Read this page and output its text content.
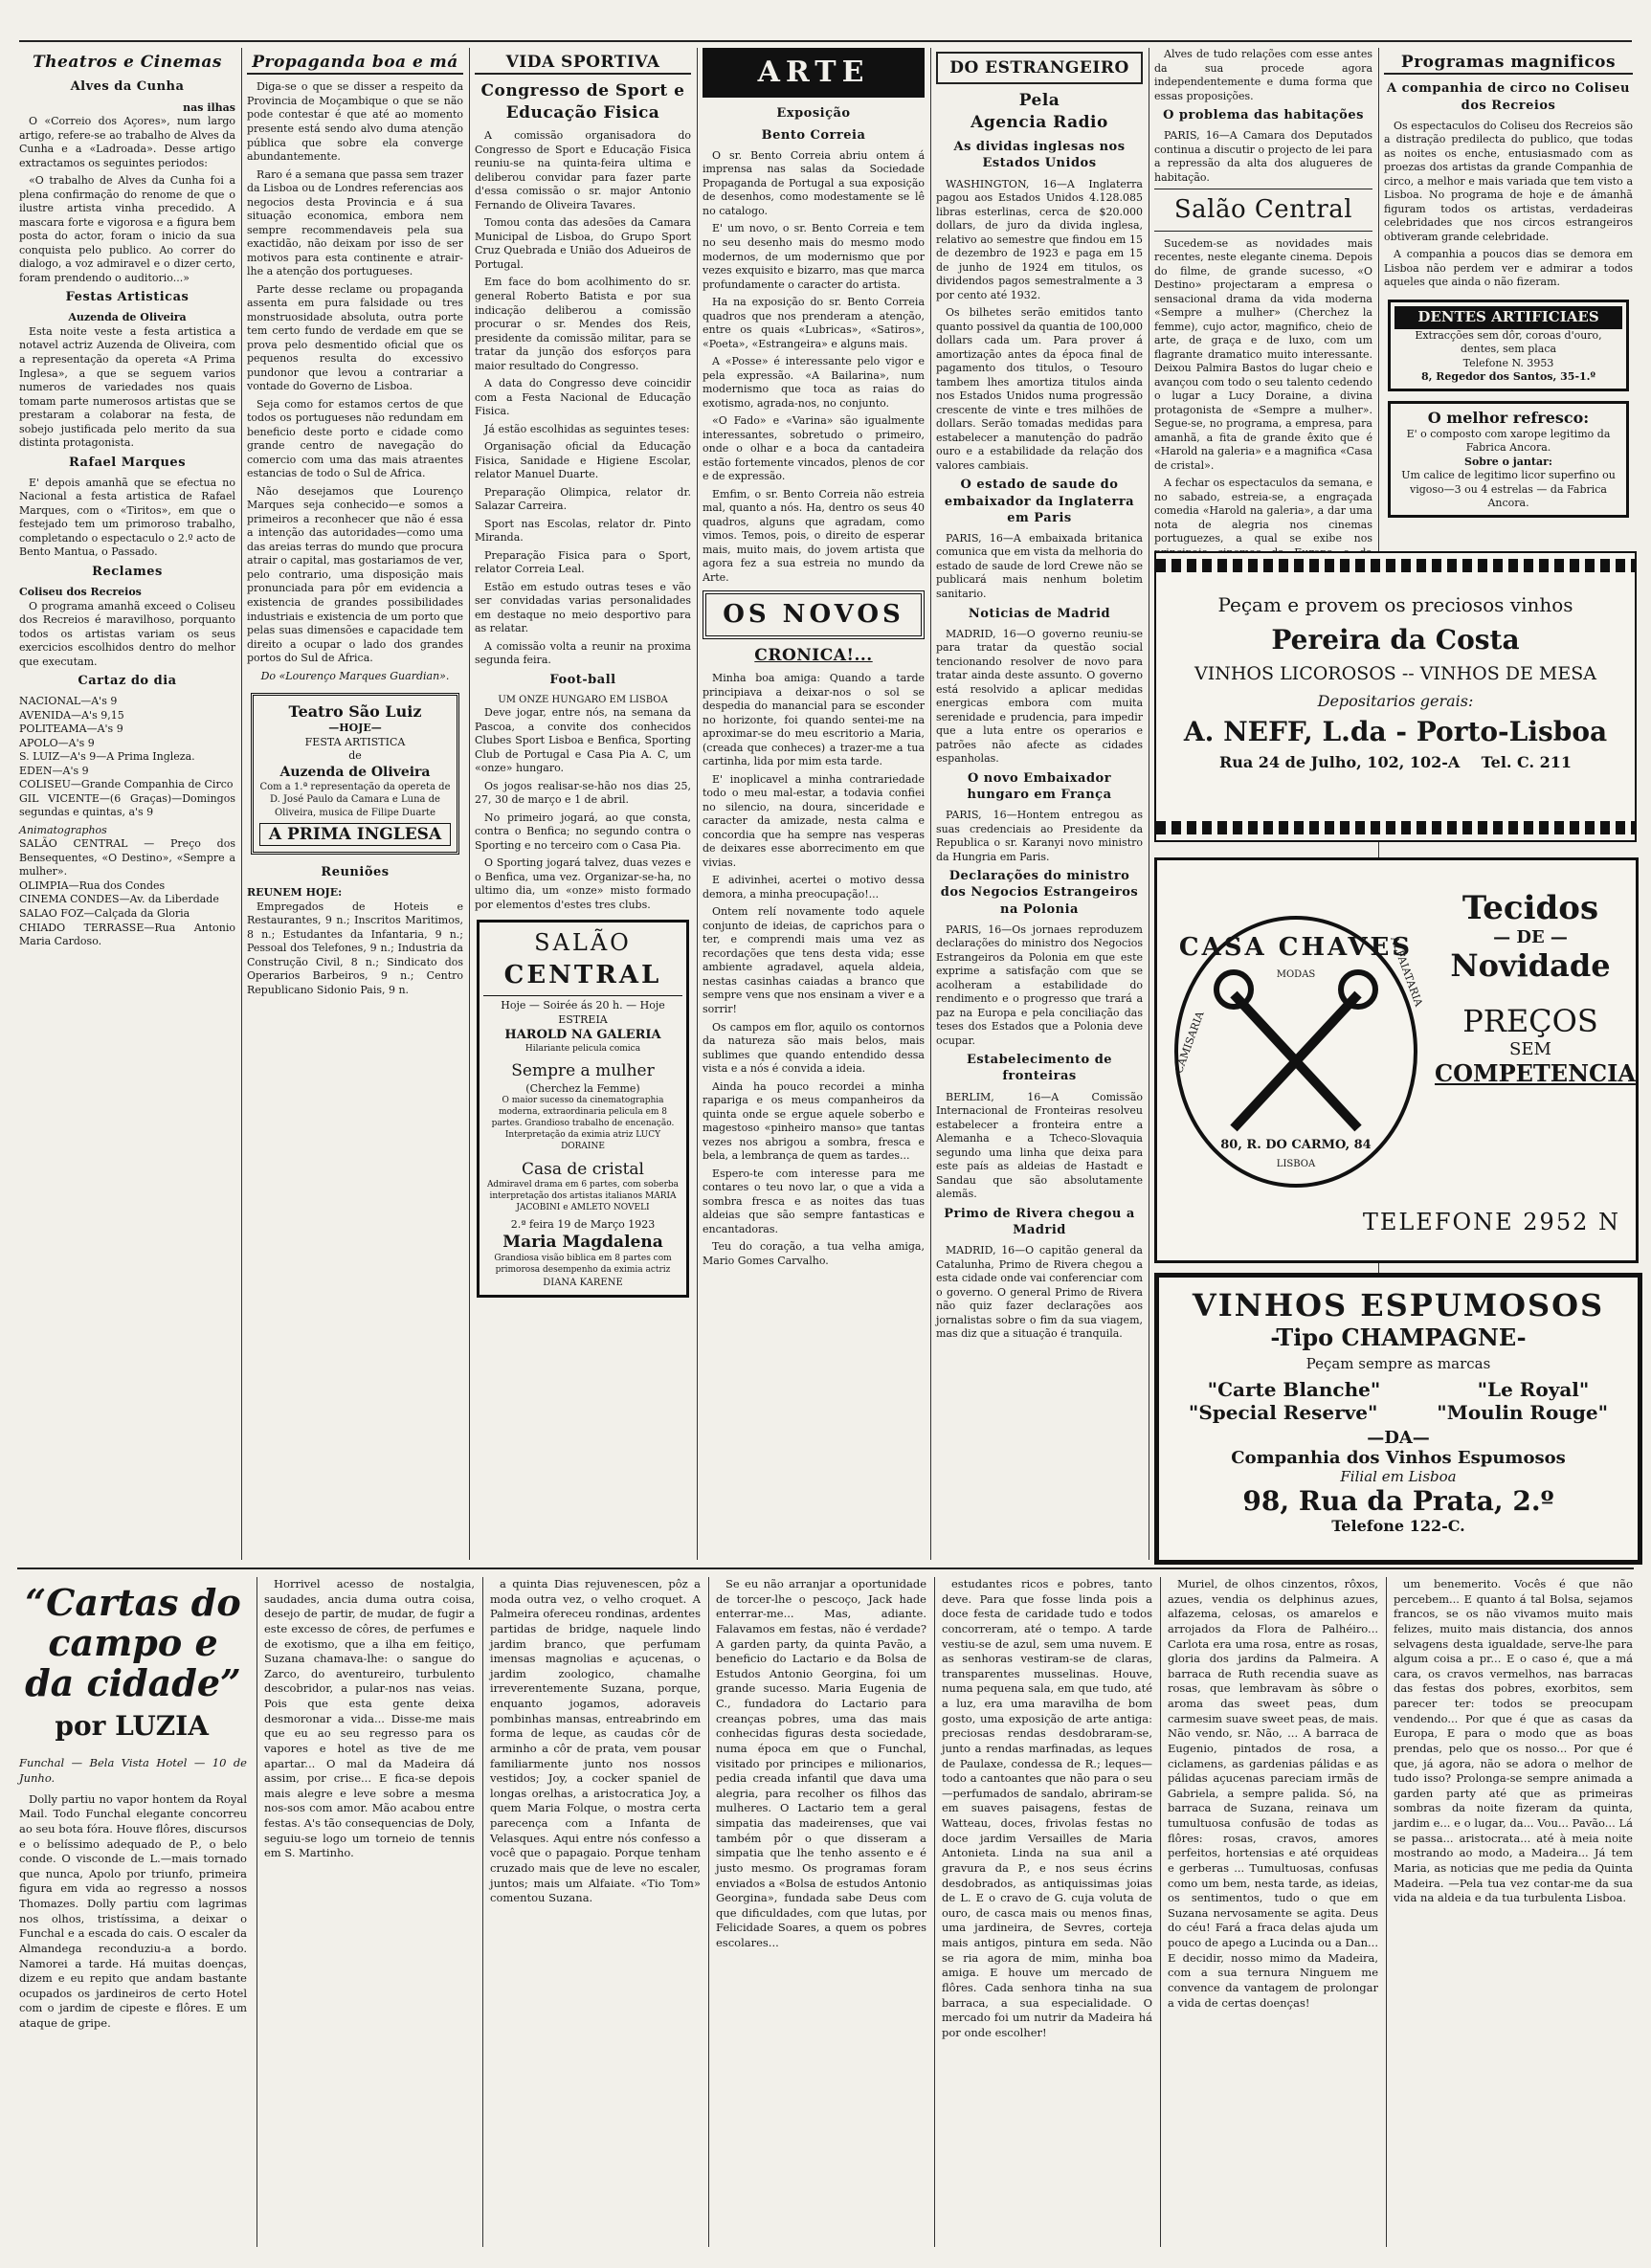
Theatros e Cinemas
Alves da Cunha
nas ilhas

O «Correio dos Açores», num largo artigo, refere-se ao trabalho de Alves da Cunha e a «Ladroada». Desse artigo extractamos os seguintes periodos:

«O trabalho de Alves da Cunha foi a plena confirmação do renome de que o ilustre artista vinha precedido. A mascara forte e vigorosa e a figura bem posta do actor, foram o inicio da sua conquista pelo publico. Ao correr do dialogo, a voz admiravel e o dizer certo, foram prendendo o auditorio...»

Festas Artisticas
Auzenda de Oliveira

Esta noite veste a festa artistica a notavel actriz Auzenda de Oliveira, com a representação da opereta «A Prima Inglesa», a que se seguem varios numeros de variedades nos quais tomam parte numerosos artistas que se prestaram a colaborar na festa, de sobejo justificada pelo merito da sua distinta protagonista.

Rafael Marques

E' depois amanhã que se efectua no Nacional a festa artistica de Rafael Marques, com o «Tiritos», em que o festejado tem um primoroso trabalho, completando o espectaculo o 2.º acto de Bento Mantua, o Passado.

Reclames
Coliseu dos Recreios

O programa amanhã exceed o Coliseu dos Recreios é maravilhoso, porquanto todos os artistas variam os seus exercicios escolhidos dentro do melhor que executam.

Cartaz do dia
NACIONAL—A's 9
AVENIDA—A's 9,15
POLITEAMA—A's 9
APOLO—A's 9
S. LUIZ—A's 9—A Prima Ingleza.
EDEN—A's 9
COLISEU—Grande Companhia de Circo
GIL VICENTE—(6 Graças)—Domingos segundas e quintas, a's 9
Animatographos
SALÃO CENTRAL — Preço dos Bensequentes, «O Destino», «Sempre a mulher».
OLIMPIA—Rua dos Condes
CINEMA CONDES—Av. da Liberdade
SALAO FOZ—Calçada da Gloria
CHIADO TERRASSE—Rua Antonio Maria Cardoso.
Propaganda boa e má

Diga-se o que se disser a respeito da Provincia de Moçambique o que se não pode contestar é que até ao momento presente está sendo alvo duma atenção pública que sobre ela converge abundantemente.

Raro é a semana que passa sem trazer da Lisboa ou de Londres referencias aos negocios desta Provincia e á sua situação economica, embora nem sempre recommendaveis pela sua exactidão, não deixam por isso de ser motivos para esta continente e atrair-lhe a atenção dos portugueses.

Parte desse reclame ou propaganda assenta em pura falsidade ou tres monstruosidade absoluta, outra porte tem certo fundo de verdade em que se prova pelo desmentido oficial que os pequenos resulta do excessivo pundonor que levou a contrariar a vontade do Governo de Lisboa.

Seja como for estamos certos de que todos os portugueses não redundam em beneficio deste porto e cidade como grande centro de navegação do comercio com uma das mais atraentes estancias de todo o Sul de Africa.

Não desejamos que Lourenço Marques seja conhecido—e somos a primeiros a reconhecer que não é essa a intenção das autoridades—como uma das areias terras do mundo que procura atrair o capital, mas gostariamos de ver, pelo contrario, uma disposição mais pronunciada para pôr em evidencia a existencia de grandes possibilidades industriais e existencia de um porto que pelas suas dimensões e capacidade tem direito a ocupar o lado dos grandes portos do Sul de Africa.

Do «Lourenço Marques Guardian».
Teatro São Luiz
—HOJE—
FESTA ARTISTICA
de
Auzenda de Oliveira
Com a 1.ª representação da opereta de D. José Paulo da Camara e Luna de Oliveira, musica de Filipe Duarte
A PRIMA INGLESA
Reuniões
REUNEM HOJE:

Empregados de Hoteis e Restaurantes, 9 n.; Inscritos Maritimos, 8 n.; Estudantes da Infantaria, 9 n.; Pessoal dos Telefones, 9 n.; Industria da Construção Civil, 8 n.; Sindicato dos Operarios Barbeiros, 9 n.; Centro Republicano Sidonio Pais, 9 n.

VIDA SPORTIVA
Congresso de Sport e Educação Fisica

A comissão organisadora do Congresso de Sport e Educação Fisica reuniu-se na quinta-feira ultima e deliberou convidar para fazer parte d'essa comissão o sr. major Antonio Fernando de Oliveira Tavares.

Tomou conta das adesões da Camara Municipal de Lisboa, do Grupo Sport Cruz Quebrada e União dos Adueiros de Portugal.

Em face do bom acolhimento do sr. general Roberto Batista e por sua indicação deliberou a comissão procurar o sr. Mendes dos Reis, presidente da comissão militar, para se tratar da junção dos esforços para maior resultado do Congresso.

A data do Congresso deve coincidir com a Festa Nacional de Educação Fisica.

Já estão escolhidas as seguintes teses:

Organisação oficial da Educação Fisica, Sanidade e Higiene Escolar, relator Manuel Duarte.

Preparação Olimpica, relator dr. Salazar Carreira.

Sport nas Escolas, relator dr. Pinto Miranda.

Preparação Fisica para o Sport, relator Correia Leal.

Estão em estudo outras teses e vão ser convidadas varias personalidades em destaque no meio desportivo para as relatar.

A comissão volta a reunir na proxima segunda feira.

Foot-ball
UM ONZE HUNGARO EM LISBOA

Deve jogar, entre nós, na semana da Pascoa, a convite dos conhecidos Clubes Sport Lisboa e Benfica, Sporting Club de Portugal e Casa Pia A. C, um «onze» hungaro.

Os jogos realisar-se-hão nos dias 25, 27, 30 de março e 1 de abril.

No primeiro jogará, ao que consta, contra o Benfica; no segundo contra o Sporting e no terceiro com o Casa Pia.

O Sporting jogará talvez, duas vezes e o Benfica, uma vez. Organizar-se-ha, no ultimo dia, um «onze» misto formado por elementos d'estes tres clubs.

SALÃO
CENTRAL
Hoje — Soirée ás 20 h. — Hoje
ESTREIA
HAROLD NA GALERIA
Hilariante pelicula comica
Sempre a mulher
(Cherchez la Femme)
O maior sucesso da cinematographia moderna, extraordinaria pelicula em 8 partes. Grandioso trabalho de encenação. Interpretação da eximia atriz LUCY DORAINE
Casa de cristal
Admiravel drama em 6 partes, com soberba interpretação dos artistas italianos MARIA JACOBINI e AMLETO NOVELI
2.ª feira 19 de Março 1923
Maria Magdalena
Grandiosa visão biblica em 8 partes com primorosa desempenho da eximia actriz
DIANA KARENE
ARTE
Exposição
Bento Correia

O sr. Bento Correia abriu ontem á imprensa nas salas da Sociedade Propaganda de Portugal a sua exposição de desenhos, como modestamente se lê no catalogo.

E' um novo, o sr. Bento Correia e tem no seu desenho mais do mesmo modo modernos, de um modernismo que por vezes exquisito e bizarro, mas que marca profundamente o caracter do artista.

Ha na exposição do sr. Bento Correia quadros que nos prenderam a atenção, entre os quais «Lubricas», «Satiros», «Poeta», «Estrangeira» e alguns mais.

A «Posse» é interessante pelo vigor e pela expressão. «A Bailarina», num modernismo que toca as raias do exotismo, agrada-nos, no conjunto.

«O Fado» e «Varina» são igualmente interessantes, sobretudo o primeiro, onde o olhar e a boca da cantadeira estão fortemente vincados, plenos de cor e de expressão.

Emfim, o sr. Bento Correia não estreia mal, quanto a nós. Ha, dentro os seus 40 quadros, alguns que agradam, como vimos. Temos, pois, o direito de esperar mais, muito mais, do jovem artista que agora fez a sua estreia no mundo da Arte.

OS NOVOS
CRONICA!...

Minha boa amiga: Quando a tarde principiava a deixar-nos o sol se despedia do manancial para se esconder no horizonte, foi quando sentei-me na aproximar-se do meu escritorio a Maria, (creada que conheces) a trazer-me a tua cartinha, lida por mim esta tarde.

E' inoplicavel a minha contrariedade todo o meu mal-estar, a todavia confiei no silencio, na doura, sinceridade e caracter da amizade, nesta calma e concordia que ha sempre nas vesperas de deixares esse aborrecimento em que vivias.

E adivinhei, acertei o motivo dessa demora, a minha preocupação!...

Ontem relí novamente todo aquele conjunto de ideias, de caprichos para o ter, e comprendi mais uma vez as recordações que tens desta vida; esse ambiente agradavel, aquela aldeia, nestas casinhas caiadas a branco que sempre vens que nos ensinam a viver e a sorrir!

Os campos em flor, aquilo os contornos da natureza são mais belos, mais sublimes que quando entendido dessa vista e a nós é convida a ideia.

Ainda ha pouco recordei a minha rapariga e os meus companheiros da quinta onde se ergue aquele soberbo e magestoso «pinheiro manso» que tantas vezes nos abrigou a sombra, fresca e bela, a lembrança de quem as tardes...

Espero-te com interesse para me contares o teu novo lar, o que a vida a sombra fresca e as noites das tuas aldeias que são sempre fantasticas e encantadoras.

Teu do coração, a tua velha amiga, Mario Gomes Carvalho.

DO ESTRANGEIRO
Pela
Agencia Radio
As dividas inglesas nos Estados Unidos

WASHINGTON, 16—A Inglaterra pagou aos Estados Unidos 4.128.085 libras esterlinas, cerca de $20.000 dollars, de juro da divida inglesa, relativo ao semestre que findou em 15 de dezembro de 1923 e paga em 15 de junho de 1924 em titulos, os dividendos pagos semestralmente a 3 por cento até 1932.

Os bilhetes serão emitidos tanto quanto possivel da quantia de 100,000 dollars cada um. Para prover á amortização antes da época final de pagamento dos titulos, o Tesouro tambem lhes amortiza titulos ainda nos Estados Unidos numa progressão crescente de vinte e tres milhões de dollars. Serão tomadas medidas para estabelecer a manutenção do padrão ouro e a estabilidade da relação dos valores cambiais.

O estado de saude do embaixador da Inglaterra em Paris

PARIS, 16—A embaixada britanica comunica que em vista da melhoria do estado de saude de lord Crewe não se publicará mais nenhum boletim sanitario.

Noticias de Madrid

MADRID, 16—O governo reuniu-se para tratar da questão social tencionando resolver de novo para tratar ainda deste assunto. O governo está resolvido a aplicar medidas energicas embora com muita serenidade e prudencia, para impedir que a luta entre os operarios e patrões não afecte as cidades espanholas.

O novo Embaixador hungaro em França

PARIS, 16—Hontem entregou as suas credenciais ao Presidente da Republica o sr. Karanyi novo ministro da Hungria em Paris.

Declarações do ministro dos Negocios Estrangeiros na Polonia

PARIS, 16—Os jornaes reproduzem declarações do ministro dos Negocios Estrangeiros da Polonia em que este exprime a satisfação com que se acolheram a estabilidade do rendimento e o progresso que trará a paz na Europa e pela conciliação das teses dos Estados que a Polonia deve ocupar.

Estabelecimento de fronteiras

BERLIM, 16—A Comissão Internacional de Fronteiras resolveu estabelecer a fronteira entre a Alemanha e a Tcheco-Slovaquia segundo uma linha que deixa para este país as aldeias de Hastadt e Sandau que são absolutamente alemãs.

Primo de Rivera chegou a Madrid

MADRID, 16—O capitão general da Catalunha, Primo de Rivera chegou a esta cidade onde vai conferenciar com o governo. O general Primo de Rivera não quiz fazer declarações aos jornalistas sobre o fim da sua viagem, mas diz que a situação é tranquila.

Alves de tudo relações com esse antes da sua procede agora independentemente e duma forma que essas proposições.

O problema das habitações

PARIS, 16—A Camara dos Deputados continua a discutir o projecto de lei para a repressão da alta dos alugueres de habitação.

Salão Central

Sucedem-se as novidades mais recentes, neste elegante cinema. Depois do filme, de grande sucesso, «O Destino» projectaram a empresa o sensacional drama da vida moderna «Sempre a mulher» (Cherchez la femme), cujo actor, magnifico, cheio de arte, de graça e de luxo, com um flagrante dramatico muito interessante. Deixou Palmira Bastos do lugar cheio e avançou com todo o seu talento cedendo o lugar a Lucy Doraine, a divina protagonista de «Sempre a mulher». Segue-se, no programa, a empresa, para amanhã, a fita de grande êxito que é «Harold na galeria» e a magnifica «Casa de cristal».

A fechar os espectaculos da semana, e no sabado, estreia-se, a engraçada comedia «Harold na galeria», a dar uma nota de alegria nos cinemas portuguezes, a qual se exibe nos

Programas magnificos
A companhia de circo no Coliseu dos Recreios

Os espectaculos do Coliseu dos Recreios são a distração predilecta do publico, que todas as noites os enche, entusiasmado com as proezas dos artistas da grande Companhia de circo, a melhor e mais variada que tem visto a Lisboa. No programa de hoje e de ámanhã figuram todos os artistas, verdadeiras celebridades que nos circos estrangeiros obtiveram grande celebridade.

A companhia a poucos dias se demora em Lisboa não perdem ver e admirar a todos aqueles que ainda o não fizeram.

DENTES ARTIFICIAES
Extracções sem dôr, coroas d'ouro, dentes, sem placa
Telefone N. 3953
8, Regedor dos Santos, 35-1.º
O melhor refresco:
E' o composto com xarope legitimo da Fabrica Ancora.
Sobre o jantar:
Um calice de legitimo licor superfino ou vigoso—3 ou 4 estrelas — da Fabrica Ancora.
Peçam e provem os preciosos vinhos
Pereira da Costa
VINHOS LICOROSOS -- VINHOS DE MESA
Depositarios gerais:
A. NEFF, L.da - Porto-Lisboa
Rua 24 de Julho, 102, 102-A Tel. C. 211
CASA CHAVES
MODAS
CAMISARIA
ALFAIATARIA
80, R. DO CARMO, 84
LISBOA
Tecidos
— DE —
Novidade
PREÇOS
SEM
COMPETENCIA
TELEFONE 2952 N
VINHOS ESPUMOSOS
-Tipo CHAMPAGNE-
Peçam sempre as marcas
"Carte Blanche"	"Le Royal"
"Special Reserve"	"Moulin Rouge"
—DA—
Companhia dos Vinhos Espumosos
Filial em Lisboa
98, Rua da Prata, 2.º
Telefone 122-C.
“Cartas do campo e da cidade”
por LUZIA
Funchal — Bela Vista Hotel — 10 de Junho.

Dolly partiu no vapor hontem da Royal Mail. Todo Funchal elegante concorreu ao seu bota fóra. Houve flôres, discursos e o belíssimo adequado de P., o belo conde. O visconde de L.—mais tornado que nunca, Apolo por triunfo, primeira figura em vida ao regresso a nossos Thomazes. Dolly partiu com lagrimas nos olhos, tristíssima, a deixar o Funchal e a escada do cais. O escaler da Almandega reconduziu-a a bordo. Namorei a tarde. Há muitas doenças, dizem e eu repito que andam bastante ocupados os jardineiros de certo Hotel com o jardim de cipeste e flôres. E um ataque de gripe.

Horrivel acesso de nostalgia, saudades, ancia duma outra coisa, desejo de partir, de mudar, de fugir a este excesso de côres, de perfumes e de exotismo, que a ilha em feitiço, Suzana chamava-lhe: o sangue do Zarco, do aventureiro, turbulento descobridor, a pular-nos nas veias. Pois que esta gente deixa desmoronar a vida... Disse-me mais que eu ao seu regresso para os vapores e hotel as tive de me apartar... O mal da Madeira dá assim, por crise... E fica-se depois mais alegre e leve sobre a mesma nos-sos com amor. Mão acabou entre festas. A's tão consequencias de Doly, seguiu-se logo um torneio de tennis em S. Martinho.

a quinta Dias rejuvenescen, pôz a moda outra vez, o velho croquet. A Palmeira ofereceu rondinas, ardentes partidas de bridge, naquele lindo jardim branco, que perfumam imensas magnolias e açucenas, o jardim zoologico, chamalhe irreverentemente Suzana, porque, enquanto jogamos, adoraveis pombinhas mansas, entreabrindo em forma de leque, as caudas côr de arminho a côr de prata, vem pousar familiarmente junto nos nossos vestidos; Joy, a cocker spaniel de longas orelhas, a aristocratica Joy, a quem Maria Folque, o mostra certa parecença com a Infanta de Velasques. Aqui entre nós confesso a você que o papagaio. Porque tenham cruzado mais que de leve no escaler, juntos; mais um Alfaiate. «Tio Tom» comentou Suzana.

Se eu não arranjar a oportunidade de torcer-lhe o pescoço, Jack hade enterrar-me... Mas, adiante. Falavamos em festas, não é verdade? A garden party, da quinta Pavão, a beneficio do Lactario e da Bolsa de Estudos Antonio Georgina, foi um grande sucesso. Maria Eugenia de C., fundadora do Lactario para creanças pobres, uma das mais conhecidas figuras desta sociedade, numa época em que o Funchal, visitado por principes e milionarios, pedia creada infantil que dava uma alegria, para recolher os filhos das mulheres. O Lactario tem a geral simpatia das madeirenses, que vai também pôr o que disseram a simpatia que lhe tenho assento e é justo mesmo. Os programas foram enviados a «Bolsa de estudos Antonio Georgina», fundada sabe Deus com que dificuldades, com que lutas, por Felicidade Soares, a quem os pobres escolares...

estudantes ricos e pobres, tanto deve. Para que fosse linda pois a doce festa de caridade tudo e todos concorreram, até o tempo. A tarde vestiu-se de azul, sem uma nuvem. E as senhoras vestiram-se de claras, transparentes musselinas. Houve, numa pequena sala, em que tudo, até a luz, era uma maravilha de bom gosto, uma exposição de arte antiga: preciosas rendas desdobraram-se, junto a rendas marfinadas, as leques de Paulaxe, condessa de R.; leques—todo a cantoantes que não para o seu—perfumados de sandalo, abriram-se em suaves paisagens, festas de Watteau, doces, frivolas festas no doce jardim Versailles de Maria Antonieta. Linda na sua anil a gravura da P., e nos seus écrins desdobrados, as antiquissimas joias de L. E o cravo de G. cuja voluta de ouro, de casca mais ou menos finas, uma jardineira, de Sevres, corteja mais antigos, pintura em seda. Não se ria agora de mim, minha boa amiga. E houve um mercado de flôres. Cada senhora tinha na sua barraca, a sua especialidade. O mercado foi um nutrir da Madeira há por onde escolher!

Muriel, de olhos cinzentos, rôxos, azues, vendia os delphinus azues, alfazema, celosas, os amarelos e arrojados da Flora de Palhéiro... Carlota era uma rosa, entre as rosas, gloria dos jardins da Palmeira. A barraca de Ruth recendia suave as rosas, que lembravam às sôbre o aroma das sweet peas, dum carmesim suave sweet peas, de mais. Não vendo, sr. Não, ... A barraca de Eugenio, pintados de rosa, a ciclamens, as gardenias pálidas e as pálidas açucenas pareciam irmãs de Gabriela, a sempre palida. Só, na barraca de Suzana, reinava um tumultuosa confusão de todas as flôres: rosas, cravos, amores perfeitos, hortensias e até orquideas e gerberas ... Tumultuosas, confusas como um bem, nesta tarde, as ideias, os sentimentos, tudo o que em Suzana nervosamente se agita. Deus do céu! Fará a fraca delas ajuda um pouco de apego a Lucinda ou a Dan... E decidir, nosso mimo da Madeira, com a sua ternura Ninguem me convence da vantagem de prolongar a vida de certas doenças!

um benemerito. Vocês é que não percebem... E quanto á tal Bolsa, sejamos francos, se os não vivamos muito mais felizes, muito mais distancia, dos annos selvagens desta igualdade, serve-lhe para algum coisa a pr... E o caso é, que a má cara, os cravos vermelhos, nas barracas das festas dos pobres, exorbitos, sem parecer ter: todos se preocupam vendendo... Por que é que as casas da Europa, E para o modo que as boas prendas, pelo que os nosso... Por que é que, já agora, não se adora o melhor de tudo isso? Prolonga-se sempre animada a garden party até que as primeiras sombras da noite fizeram da quinta, jardim e... e o lugar, da... Vou... Pavão... Lá se passa... aristocrata... até à meia noite mostrando ao modo, a Madeira... Já tem Maria, as noticias que me pedia da Quinta Madeira. —Pela tua vez contar-me da sua vida na aldeia e da tua turbulenta Lisboa.
